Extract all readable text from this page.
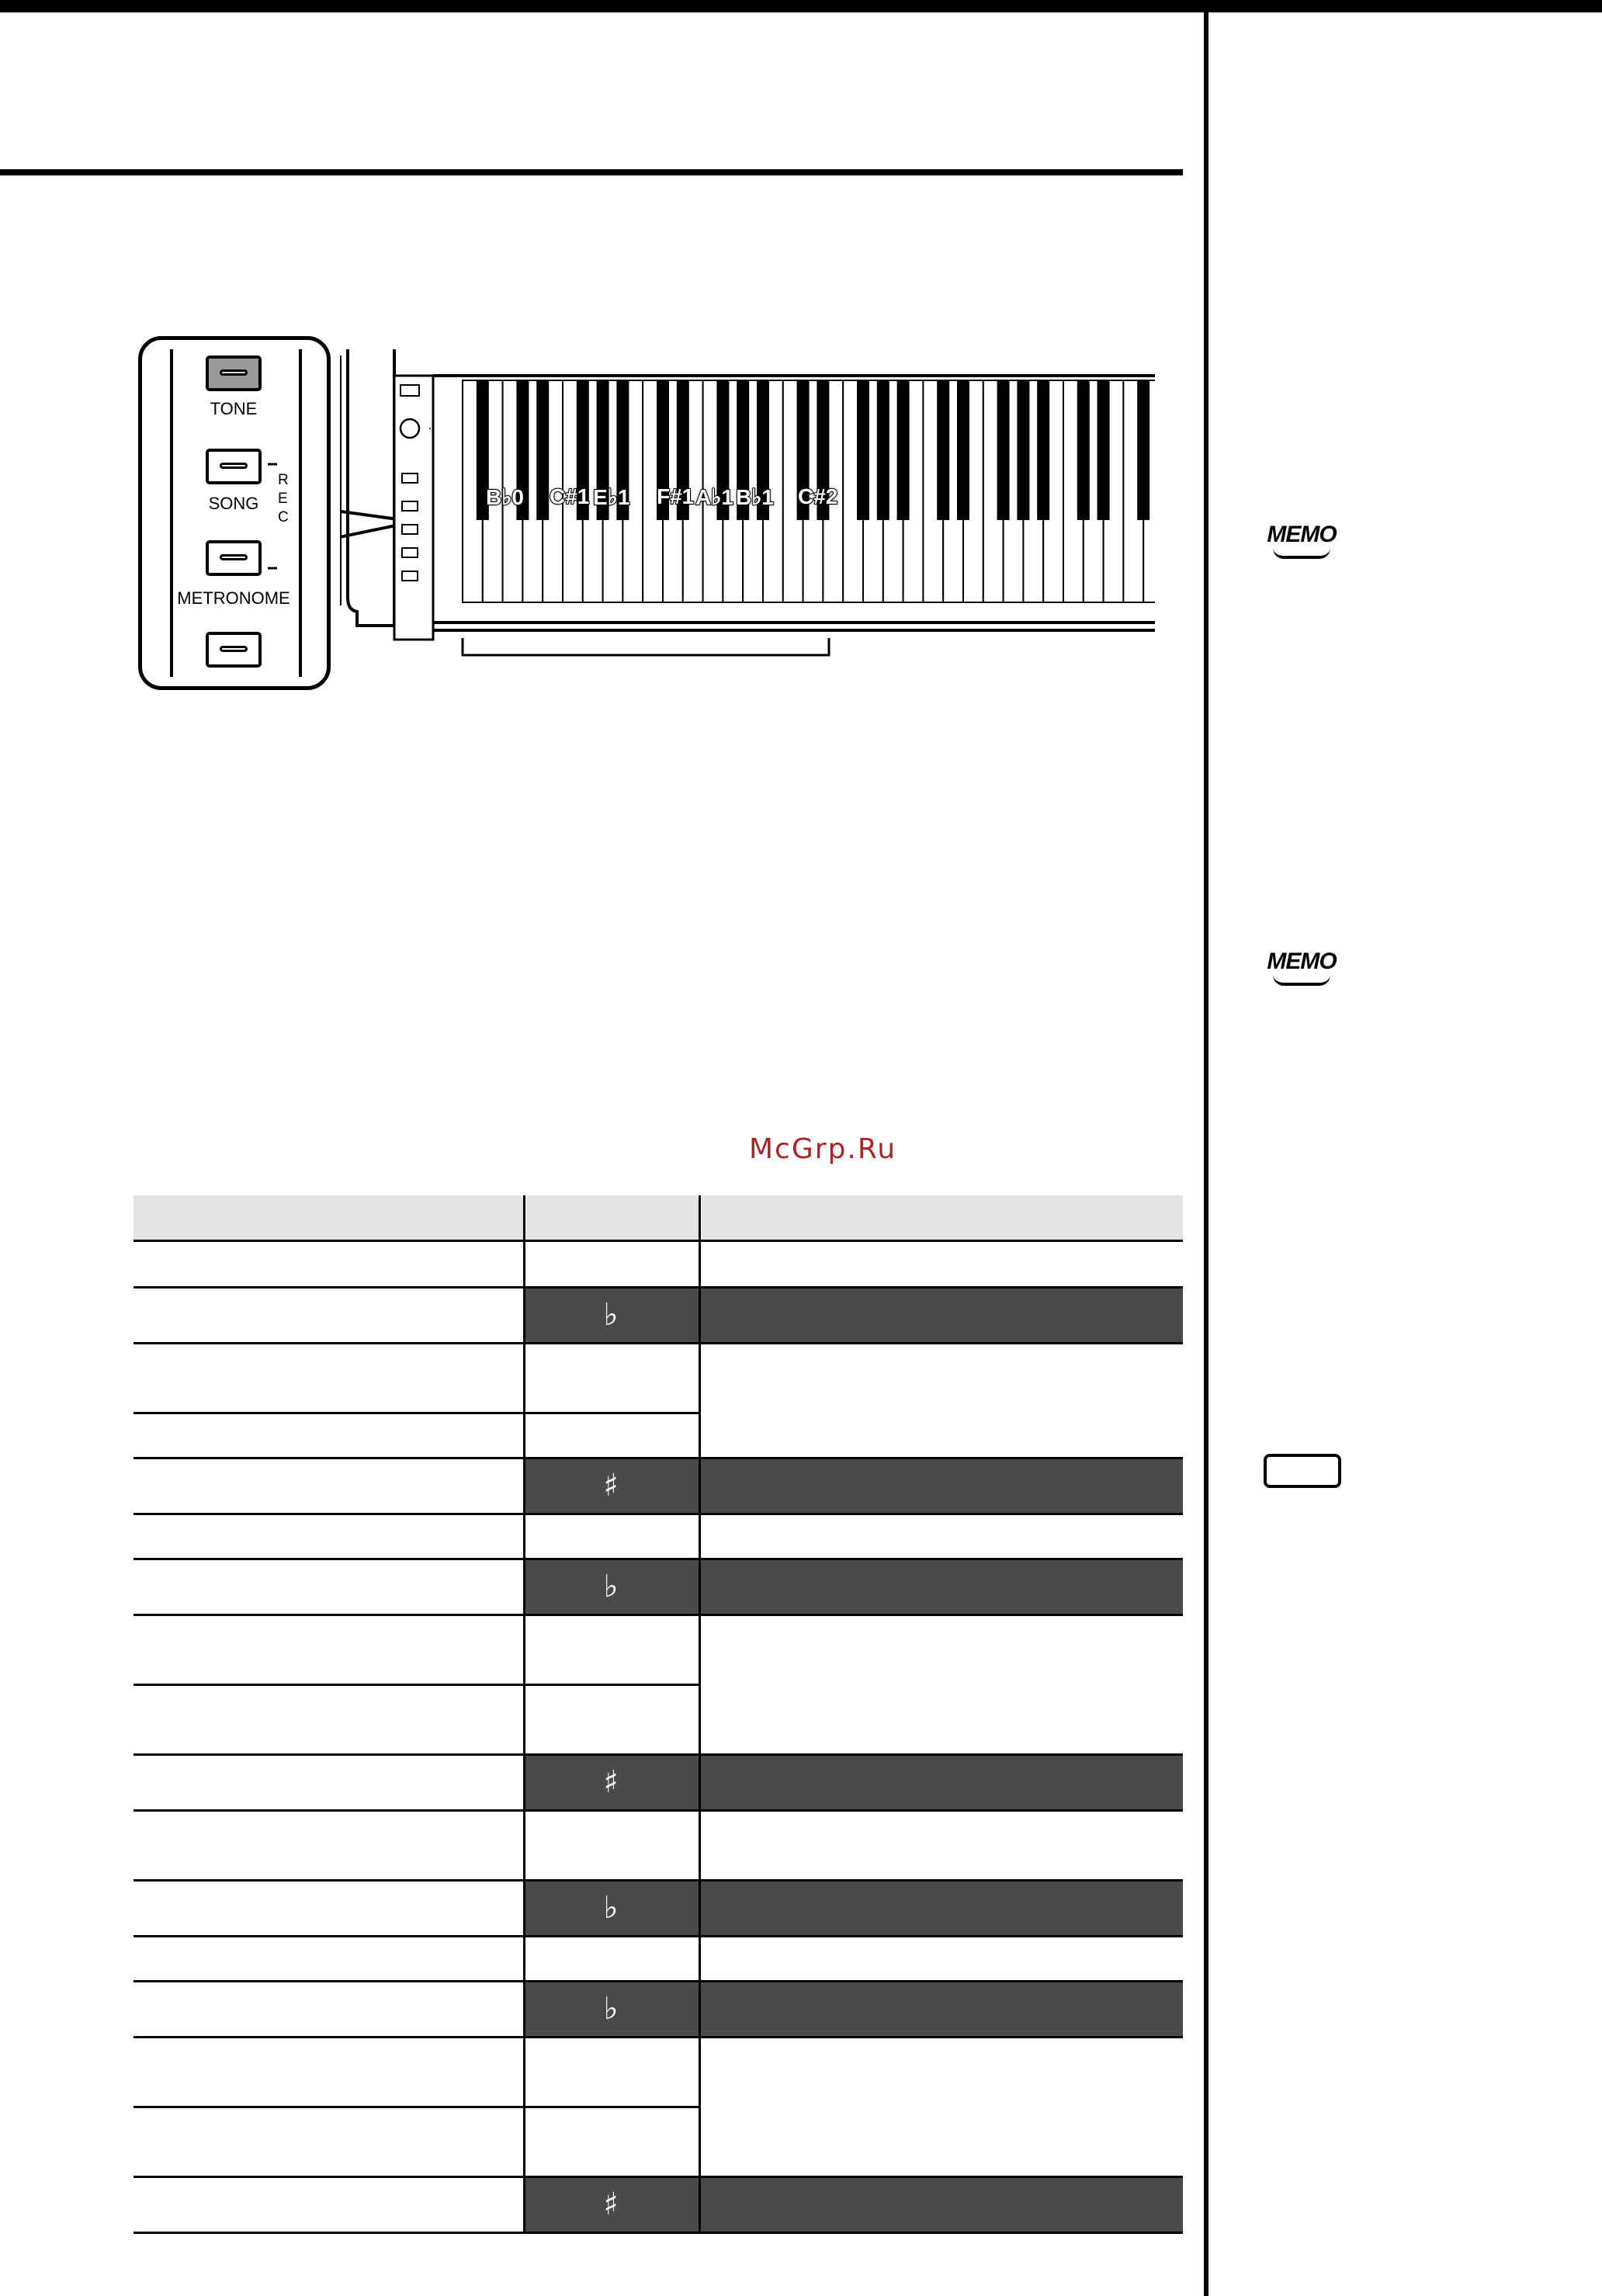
TONE
SONG
METRONOME
R
E
C
B♭0 C#1 E♭1 F#1 A♭1 B♭1 C#2
McGrp.Ru
MEMO
MEMO
♭
♯
♭
♯
♭
♭
♯
